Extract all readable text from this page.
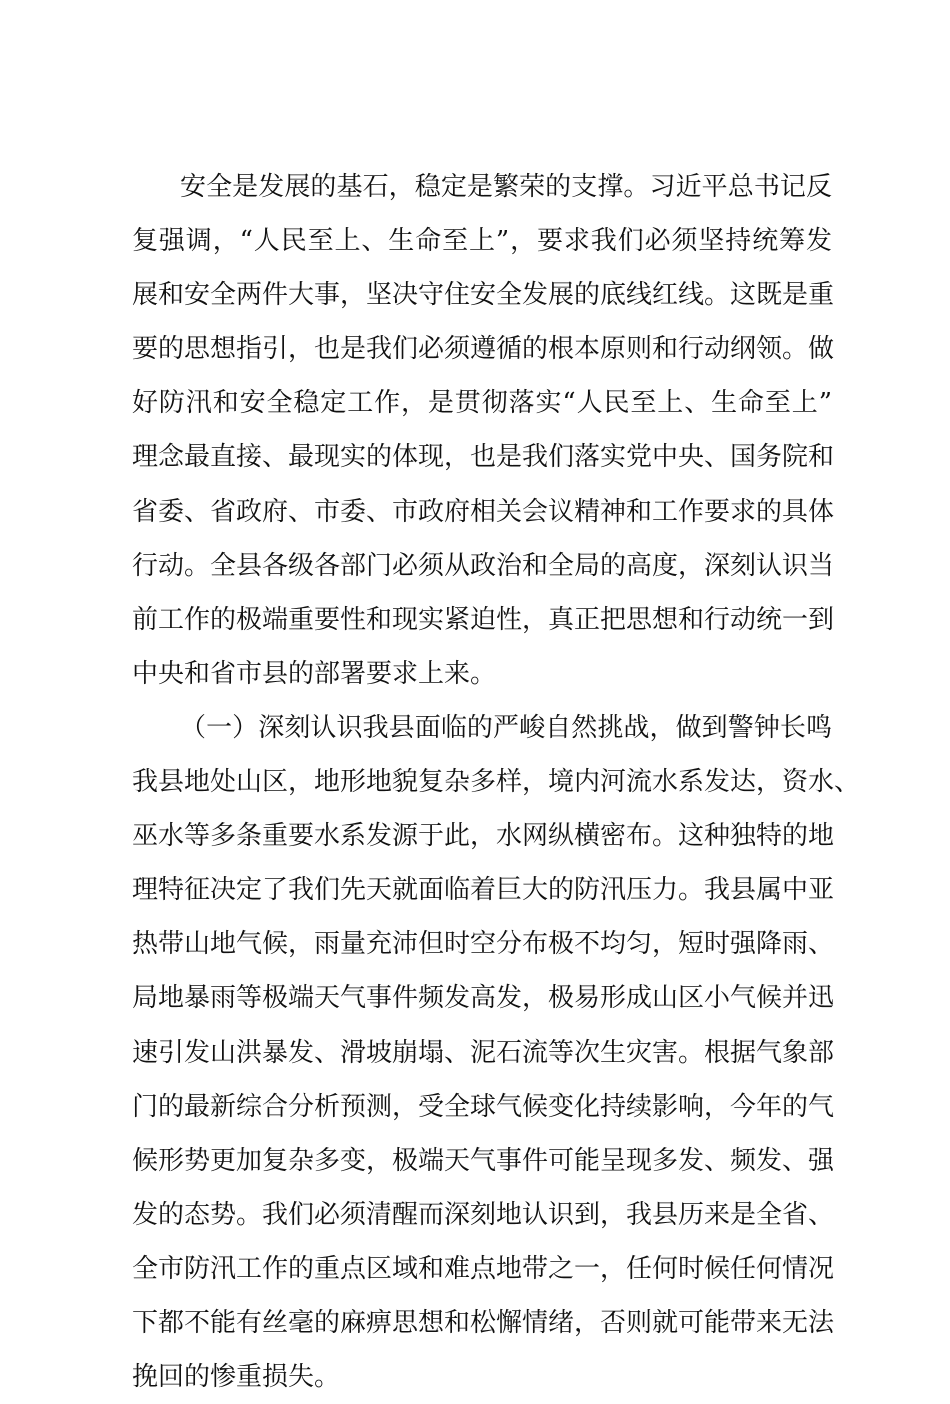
安全是发展的基石，稳定是繁荣的支撑。习近平总书记反
复强调，“人民至上、生命至上”，要求我们必须坚持统筹发
展和安全两件大事，坚决守住安全发展的底线红线。这既是重
要的思想指引，也是我们必须遵循的根本原则和行动纲领。做
好防汛和安全稳定工作，是贯彻落实“人民至上、生命至上”
理念最直接、最现实的体现，也是我们落实党中央、国务院和
省委、省政府、市委、市政府相关会议精神和工作要求的具体
行动。全县各级各部门必须从政治和全局的高度，深刻认识当
前工作的极端重要性和现实紧迫性，真正把思想和行动统一到
中央和省市县的部署要求上来。
（一）深刻认识我县面临的严峻自然挑战，做到警钟长鸣
我县地处山区，地形地貌复杂多样，境内河流水系发达，资水、
巫水等多条重要水系发源于此，水网纵横密布。这种独特的地
理特征决定了我们先天就面临着巨大的防汛压力。我县属中亚
热带山地气候，雨量充沛但时空分布极不均匀，短时强降雨、
局地暴雨等极端天气事件频发高发，极易形成山区小气候并迅
速引发山洪暴发、滑坡崩塌、泥石流等次生灾害。根据气象部
门的最新综合分析预测，受全球气候变化持续影响，今年的气
候形势更加复杂多变，极端天气事件可能呈现多发、频发、强
发的态势。我们必须清醒而深刻地认识到，我县历来是全省、
全市防汛工作的重点区域和难点地带之一，任何时候任何情况
下都不能有丝毫的麻痹思想和松懈情绪，否则就可能带来无法
挽回的惨重损失。
